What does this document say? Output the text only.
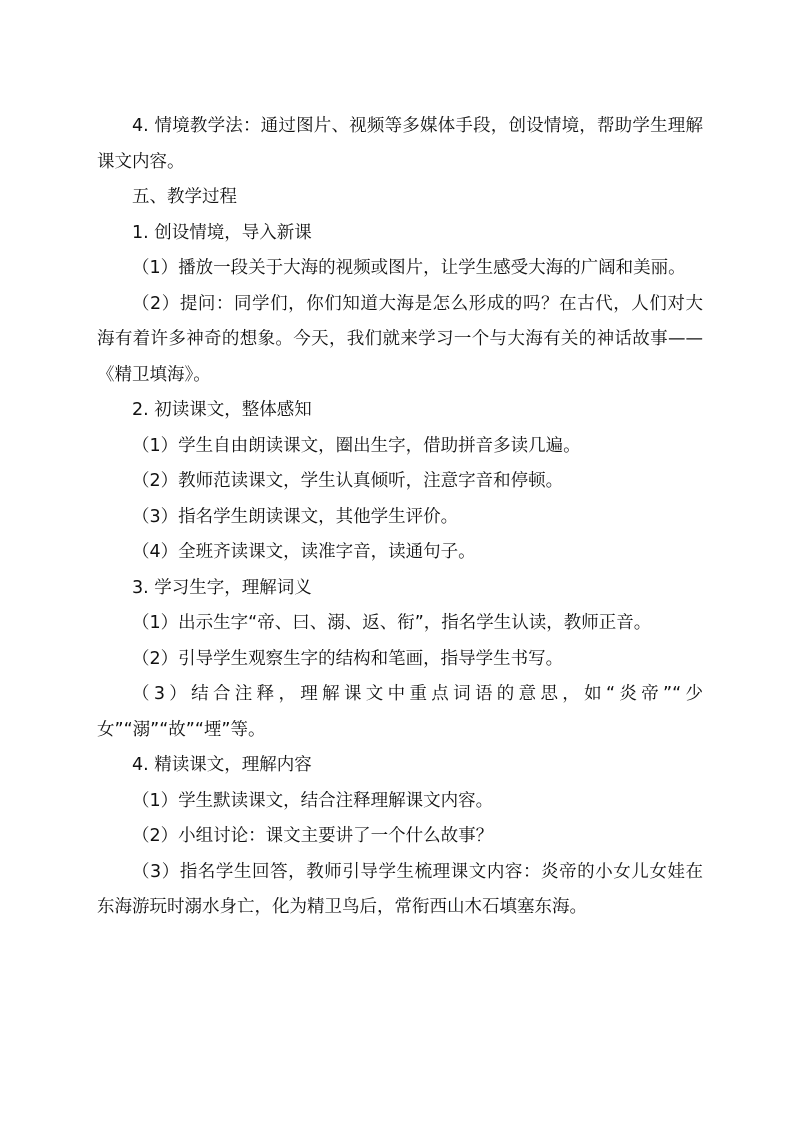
4. 情境教学法：通过图片、视频等多媒体手段，创设情境，帮助学生理解课文内容。

五、教学过程

1. 创设情境，导入新课

（1）播放一段关于大海的视频或图片，让学生感受大海的广阔和美丽。

（2）提问：同学们，你们知道大海是怎么形成的吗？在古代，人们对大海有着许多神奇的想象。今天，我们就来学习一个与大海有关的神话故事——《精卫填海》。

2. 初读课文，整体感知

（1）学生自由朗读课文，圈出生字，借助拼音多读几遍。

（2）教师范读课文，学生认真倾听，注意字音和停顿。

（3）指名学生朗读课文，其他学生评价。

（4）全班齐读课文，读准字音，读通句子。

3. 学习生字，理解词义

（1）出示生字“帝、曰、溺、返、衔”，指名学生认读，教师正音。

（2）引导学生观察生字的结构和笔画，指导学生书写。

（3）结合注释，理解课文中重点词语的意思，如“炎帝”“少女”“溺”“故”“堙”等。

4. 精读课文，理解内容

（1）学生默读课文，结合注释理解课文内容。

（2）小组讨论：课文主要讲了一个什么故事？

（3）指名学生回答，教师引导学生梳理课文内容：炎帝的小女儿女娃在东海游玩时溺水身亡，化为精卫鸟后，常衔西山木石填塞东海。
